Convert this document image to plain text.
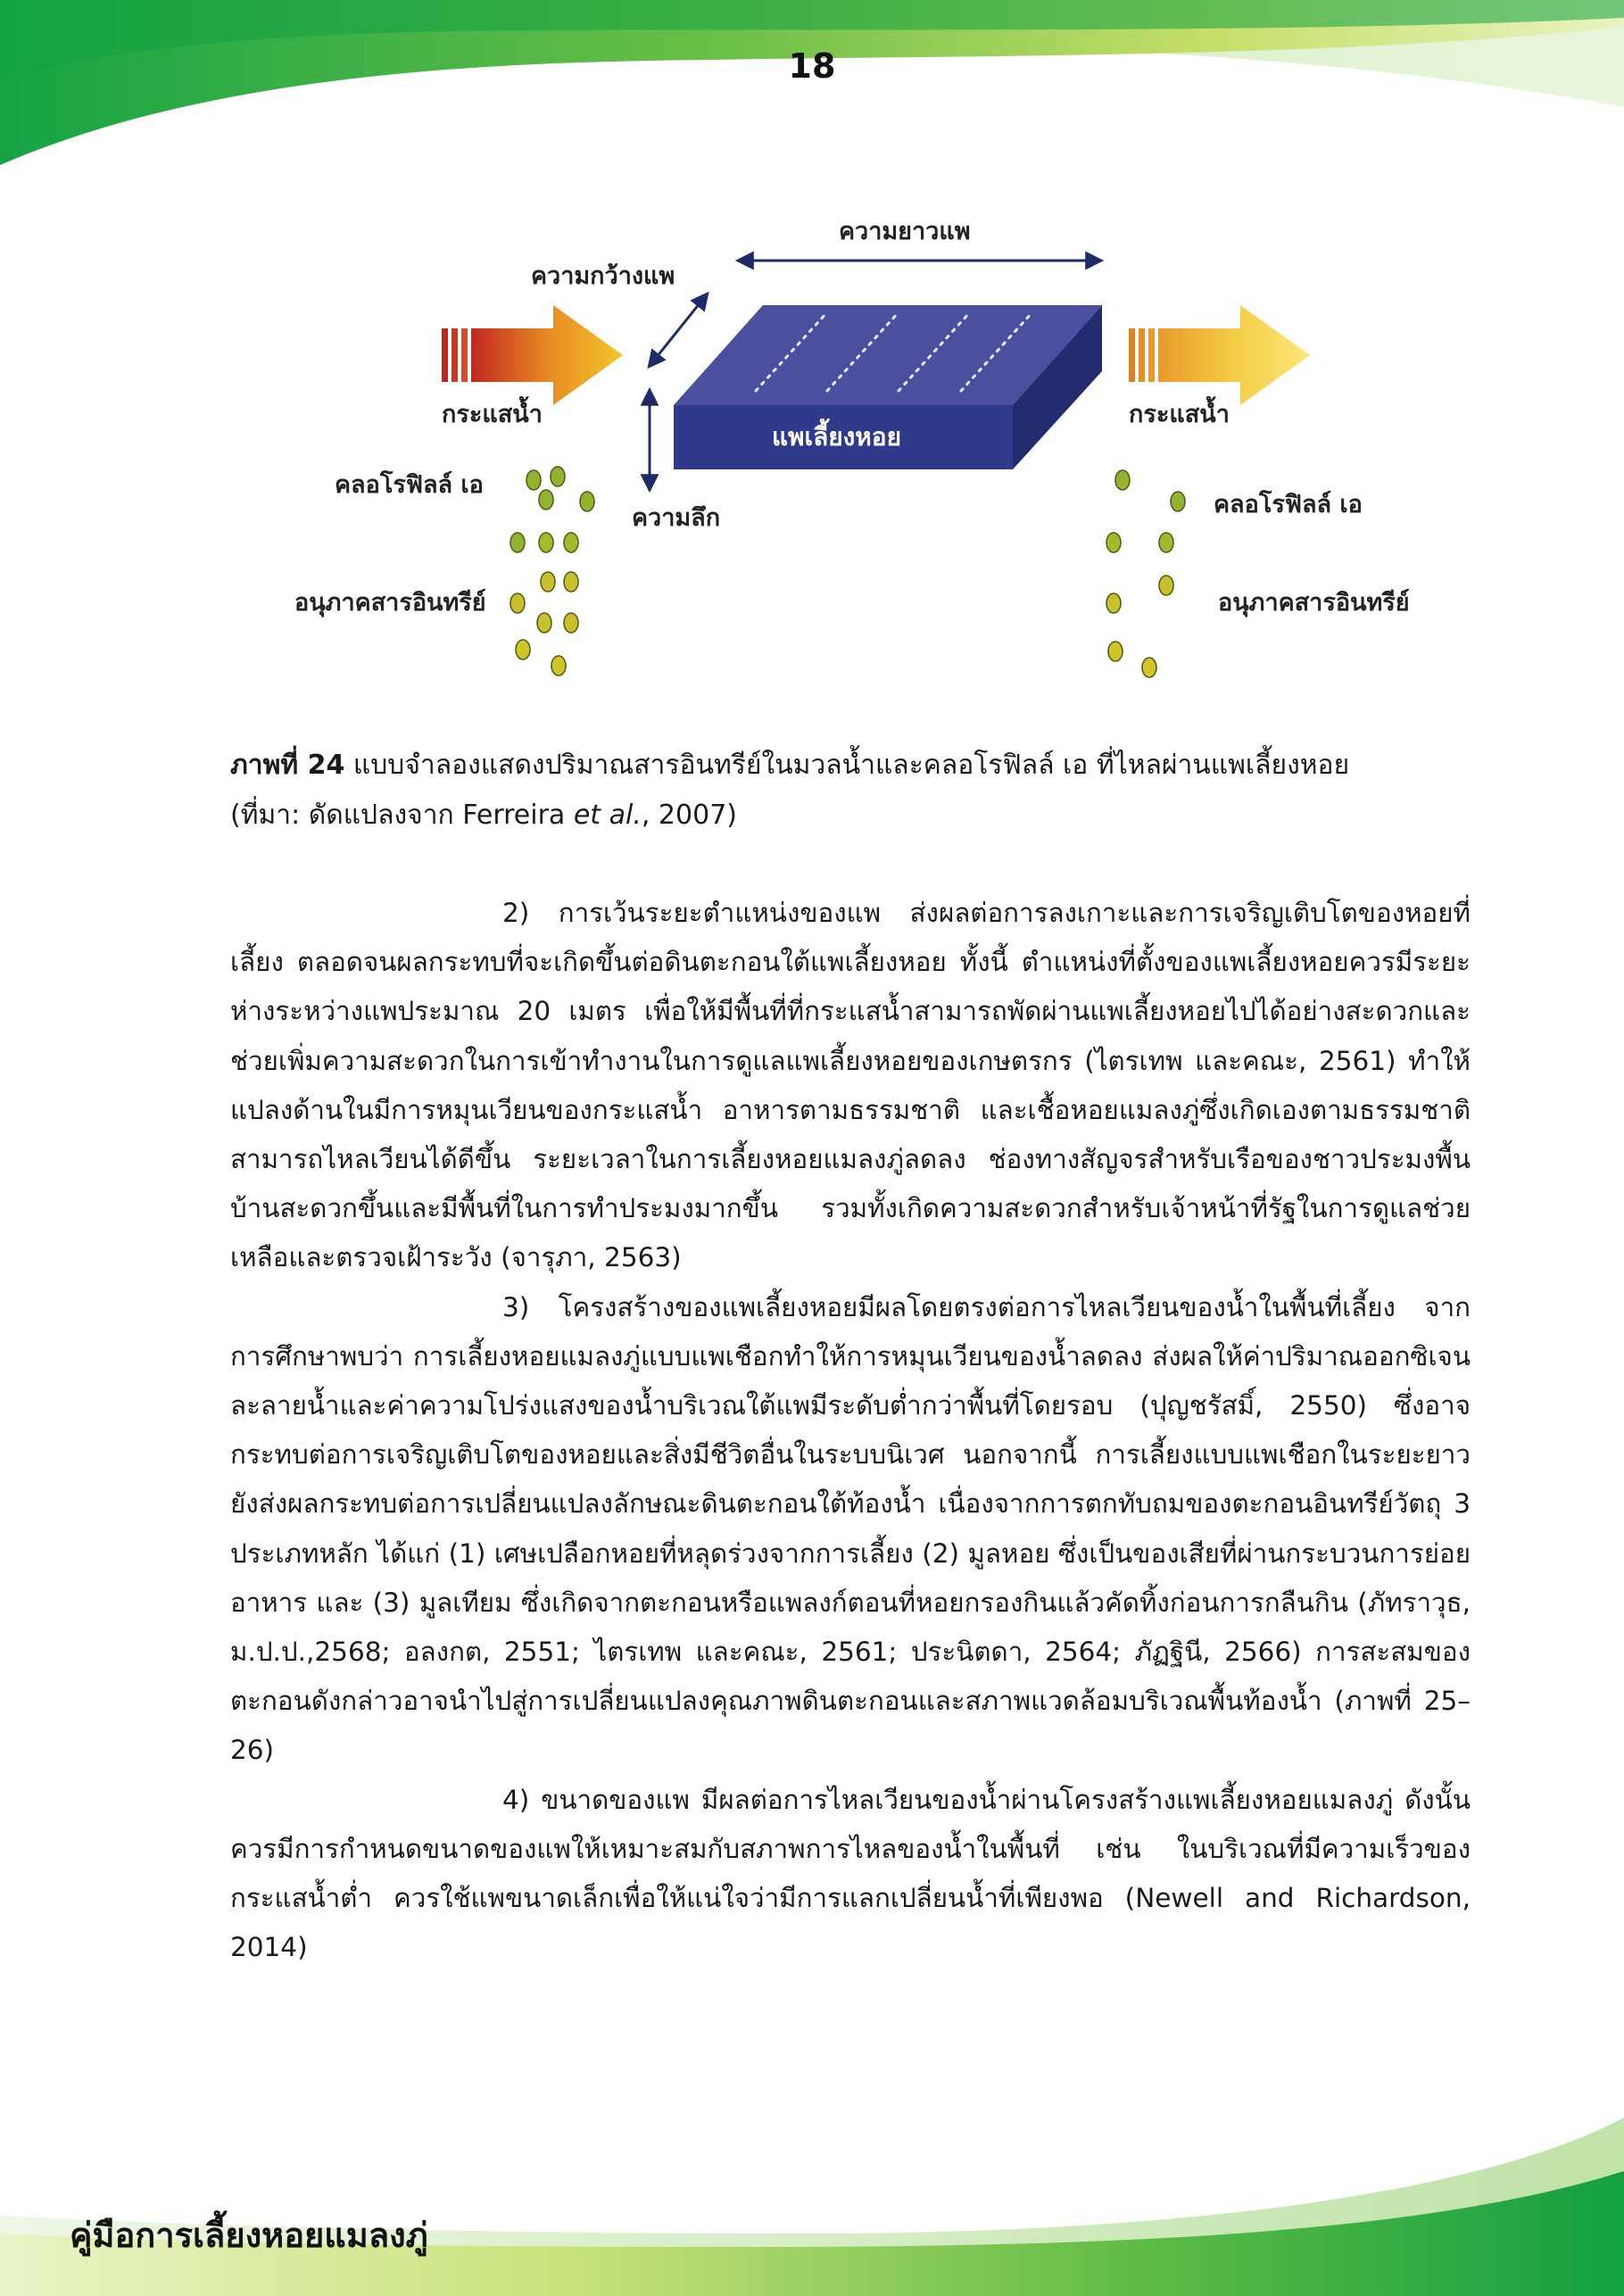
18
กระแสน้ำ	กระแสน้ำ
แพเลี้ยงหอย
ความยาวแพ
ความกว้างแพ
ความลึก
คลอโรฟิลล์ เอ
อนุภาคสารอินทรีย์
คลอโรฟิลล์ เอ
อนุภาคสารอินทรีย์
ภาพที่ 24 แบบจำลองแสดงปริมาณสารอินทรีย์ในมวลน้ำและคลอโรฟิลล์ เอ ที่ไหลผ่านแพเลี้ยงหอย
(ที่มา: ดัดแปลงจาก Ferreira et al., 2007)

2) การเว้นระยะตำแหน่งของแพ ส่งผลต่อการลงเกาะและการเจริญเติบโตของหอยที่เลี้ยง ตลอดจนผลกระทบที่จะเกิดขึ้นต่อดินตะกอนใต้แพเลี้ยงหอย ทั้งนี้ ตำแหน่งที่ตั้งของแพเลี้ยงหอยควรมีระยะห่างระหว่างแพประมาณ 20 เมตร เพื่อให้มีพื้นที่ที่กระแสน้ำสามารถพัดผ่านแพเลี้ยงหอยไปได้อย่างสะดวกและช่วยเพิ่มความสะดวกในการเข้าทำงานในการดูแลแพเลี้ยงหอยของเกษตรกร (ไตรเทพ และคณะ, 2561) ทำให้แปลงด้านในมีการหมุนเวียนของกระแสน้ำ อาหารตามธรรมชาติ และเชื้อหอยแมลงภู่ซึ่งเกิดเองตามธรรมชาติสามารถไหลเวียนได้ดีขึ้น ระยะเวลาในการเลี้ยงหอยแมลงภู่ลดลง ช่องทางสัญจรสำหรับเรือของชาวประมงพื้นบ้านสะดวกขึ้นและมีพื้นที่ในการทำประมงมากขึ้น รวมทั้งเกิดความสะดวกสำหรับเจ้าหน้าที่รัฐในการดูแลช่วยเหลือและตรวจเฝ้าระวัง (จารุภา, 2563)

3) โครงสร้างของแพเลี้ยงหอยมีผลโดยตรงต่อการไหลเวียนของน้ำในพื้นที่เลี้ยง จากการศึกษาพบว่า การเลี้ยงหอยแมลงภู่แบบแพเชือกทำให้การหมุนเวียนของน้ำลดลง ส่งผลให้ค่าปริมาณออกซิเจนละลายน้ำและค่าความโปร่งแสงของน้ำบริเวณใต้แพมีระดับต่ำกว่าพื้นที่โดยรอบ (ปุญชรัสมิ์, 2550) ซึ่งอาจกระทบต่อการเจริญเติบโตของหอยและสิ่งมีชีวิตอื่นในระบบนิเวศ นอกจากนี้ การเลี้ยงแบบแพเชือกในระยะยาวยังส่งผลกระทบต่อการเปลี่ยนแปลงลักษณะดินตะกอนใต้ท้องน้ำ เนื่องจากการตกทับถมของตะกอนอินทรีย์วัตถุ 3 ประเภทหลัก ได้แก่ (1) เศษเปลือกหอยที่หลุดร่วงจากการเลี้ยง (2) มูลหอย ซึ่งเป็นของเสียที่ผ่านกระบวนการย่อยอาหาร และ (3) มูลเทียม ซึ่งเกิดจากตะกอนหรือแพลงก์ตอนที่หอยกรองกินแล้วคัดทิ้งก่อนการกลืนกิน (ภัทราวุธ, ม.ป.ป.,2568; อลงกต, 2551; ไตรเทพ และคณะ, 2561; ประนิตดา, 2564; ภัฏฐินี, 2566) การสะสมของตะกอนดังกล่าวอาจนำไปสู่การเปลี่ยนแปลงคุณภาพดินตะกอนและสภาพแวดล้อมบริเวณพื้นท้องน้ำ (ภาพที่ 25–26)

4) ขนาดของแพ มีผลต่อการไหลเวียนของน้ำผ่านโครงสร้างแพเลี้ยงหอยแมลงภู่ ดังนั้น ควรมีการกำหนดขนาดของแพให้เหมาะสมกับสภาพการไหลของน้ำในพื้นที่ เช่น ในบริเวณที่มีความเร็วของกระแสน้ำต่ำ ควรใช้แพขนาดเล็กเพื่อให้แน่ใจว่ามีการแลกเปลี่ยนน้ำที่เพียงพอ (Newell and Richardson, 2014)

คู่มือการเลี้ยงหอยแมลงภู่
